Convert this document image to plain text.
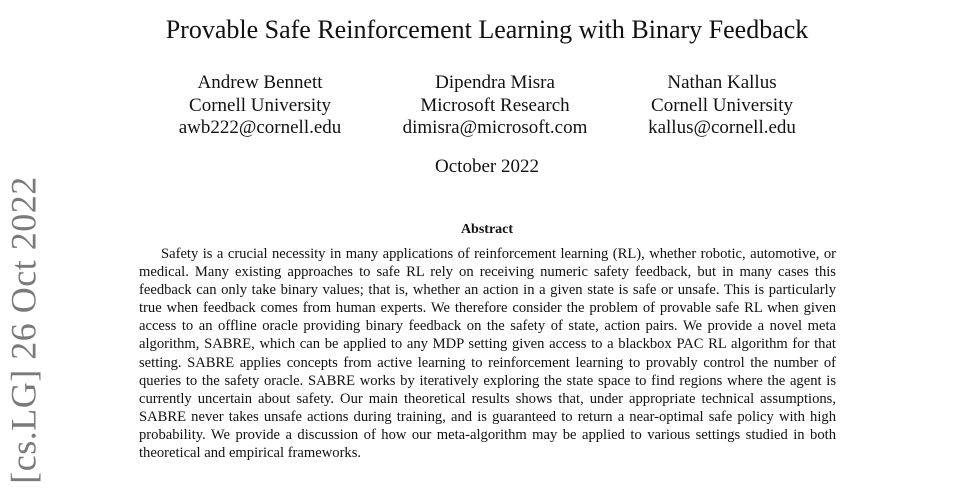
[cs.LG] 26 Oct 2022
Provable Safe Reinforcement Learning with Binary Feedback
Andrew Bennett
Cornell University
awb222@cornell.edu
Dipendra Misra
Microsoft Research
dimisra@microsoft.com
Nathan Kallus
Cornell University
kallus@cornell.edu
October 2022
Abstract

Safety is a crucial necessity in many applications of reinforcement learning (RL), whether robotic, automotive, or medical. Many existing approaches to safe RL rely on receiving numeric safety feedback, but in many cases this feedback can only take binary values; that is, whether an action in a given state is safe or unsafe. This is particularly true when feedback comes from human experts. We therefore consider the problem of provable safe RL when given access to an offline oracle providing binary feedback on the safety of state, action pairs. We provide a novel meta algorithm, SABRE, which can be applied to any MDP setting given access to a blackbox PAC RL algorithm for that setting. SABRE applies concepts from active learning to reinforcement learning to provably control the number of queries to the safety oracle. SABRE works by iteratively exploring the state space to find regions where the agent is currently uncertain about safety. Our main theoretical results shows that, under appropriate technical assumptions, SABRE never takes unsafe actions during training, and is guaranteed to return a near-optimal safe policy with high probability. We provide a discussion of how our meta-algorithm may be applied to various settings studied in both theoretical and empirical frameworks.
